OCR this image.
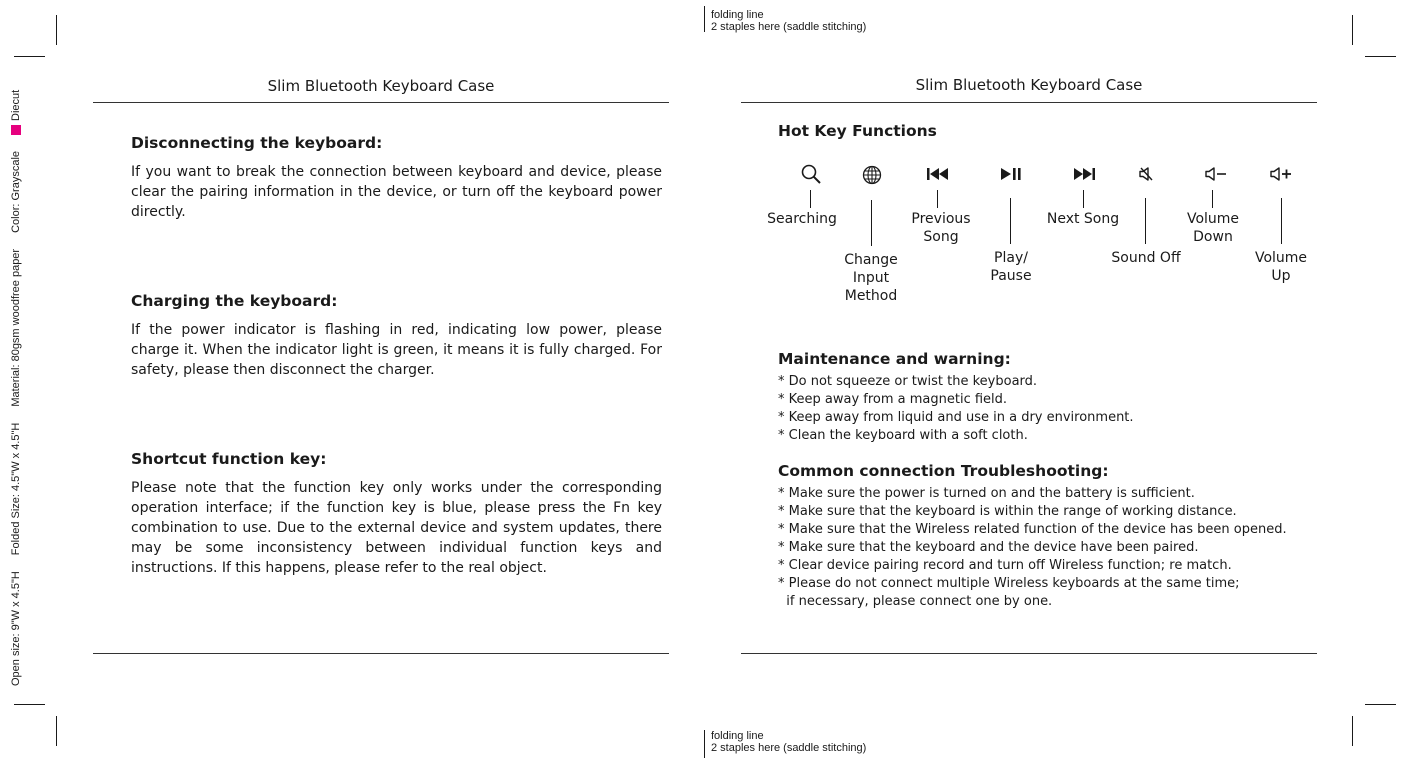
folding line
2 staples here (saddle stitching)
folding line
2 staples here (saddle stitching)
Open size: 9"W x 4.5"H
Folded Size: 4.5"W x 4.5"H
Material: 80gsm woodfree paper
Color: Grayscale
Diecut
Slim Bluetooth Keyboard Case
Disconnecting the keyboard:
If you want to break the connection between keyboard and device, please clear the pairing information in the device, or turn off the keyboard power directly.
Charging the keyboard:
If the power indicator is flashing in red, indicating low power, please charge it. When the indicator light is green, it means it is fully charged. For safety, please then disconnect the charger.
Shortcut function key:
Please note that the function key only works under the corresponding operation interface; if the function key is blue, please press the Fn key combination to use. Due to the external device and system updates, there may be some inconsistency between individual function keys and instructions. If this happens, please refer to the real object.
Slim Bluetooth Keyboard Case
Hot Key Functions
Searching
Change
Input
Method
Previous
Song
Play/
Pause
Next Song
Sound Off
Volume
Down
Volume
Up
Maintenance and warning:
* Do not squeeze or twist the keyboard.
* Keep away from a magnetic field.
* Keep away from liquid and use in a dry environment.
* Clean the keyboard with a soft cloth.
Common connection Troubleshooting:
* Make sure the power is turned on and the battery is sufficient.
* Make sure that the keyboard is within the range of working distance.
* Make sure that the Wireless related function of the device has been opened.
* Make sure that the keyboard and the device have been paired.
* Clear device pairing record and turn off Wireless function; re match.
* Please do not connect multiple Wireless keyboards at the same time;
if necessary, please connect one by one.
